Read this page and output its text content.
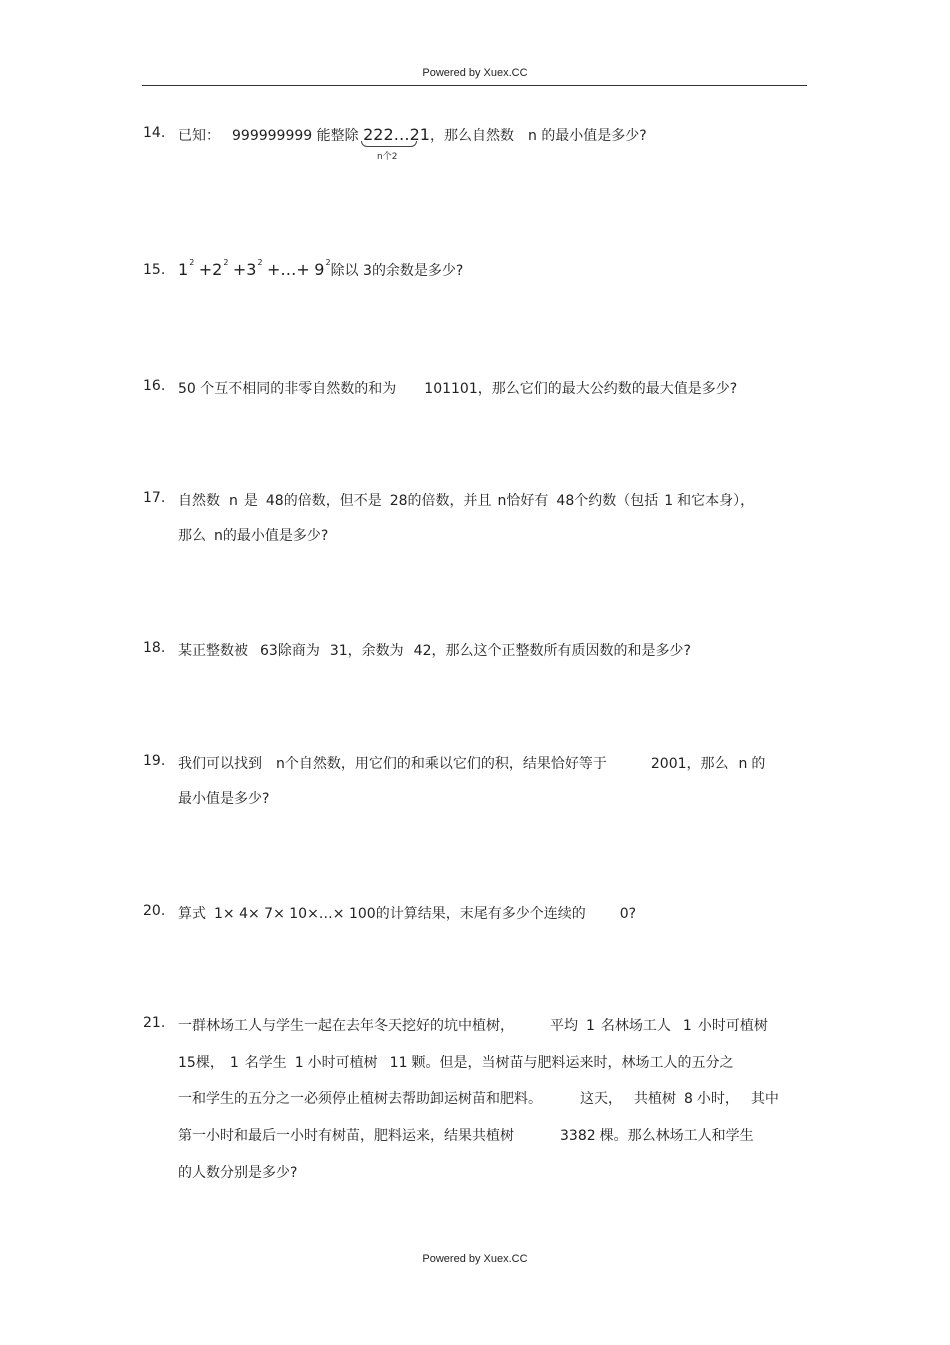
Powered by Xuex.CC
14. 已知： 999999999 能整除 222…21，那么自然数 n 的最小值是多少?
n个2
15. $1^2 +2^2 +3^2$ +…+ $9^2$除以 3的余数是多少?
16. 50 个互不相同的非零自然数的和为 101101，那么它们的最大公约数的最大值是多少?
17. 自然数 n 是 48的倍数，但不是 28的倍数，并且 n恰好有 48个约数（包括 1 和它本身），
那么 n的最小值是多少?
18. 某正整数被 63除商为 31，余数为 42，那么这个正整数所有质因数的和是多少?
19. 我们可以找到 n个自然数，用它们的和乘以它们的积，结果恰好等于	2001，那么 n 的
最小值是多少?
20. 算式 1× 4× 7× 10×…× 100的计算结果，末尾有多少个连续的 0?
21. 一群林场工人与学生一起在去年冬天挖好的坑中植树，	平均 1 名林场工人 1 小时可植树
15棵， 1 名学生 1 小时可植树 11 颗。但是，当树苗与肥料运来时，林场工人的五分之
一和学生的五分之一必须停止植树去帮助卸运树苗和肥料。	这天， 共植树 8 小时， 其中
第一小时和最后一小时有树苗，肥料运来，结果共植树	3382 棵。那么林场工人和学生
的人数分别是多少?
Powered by Xuex.CC
